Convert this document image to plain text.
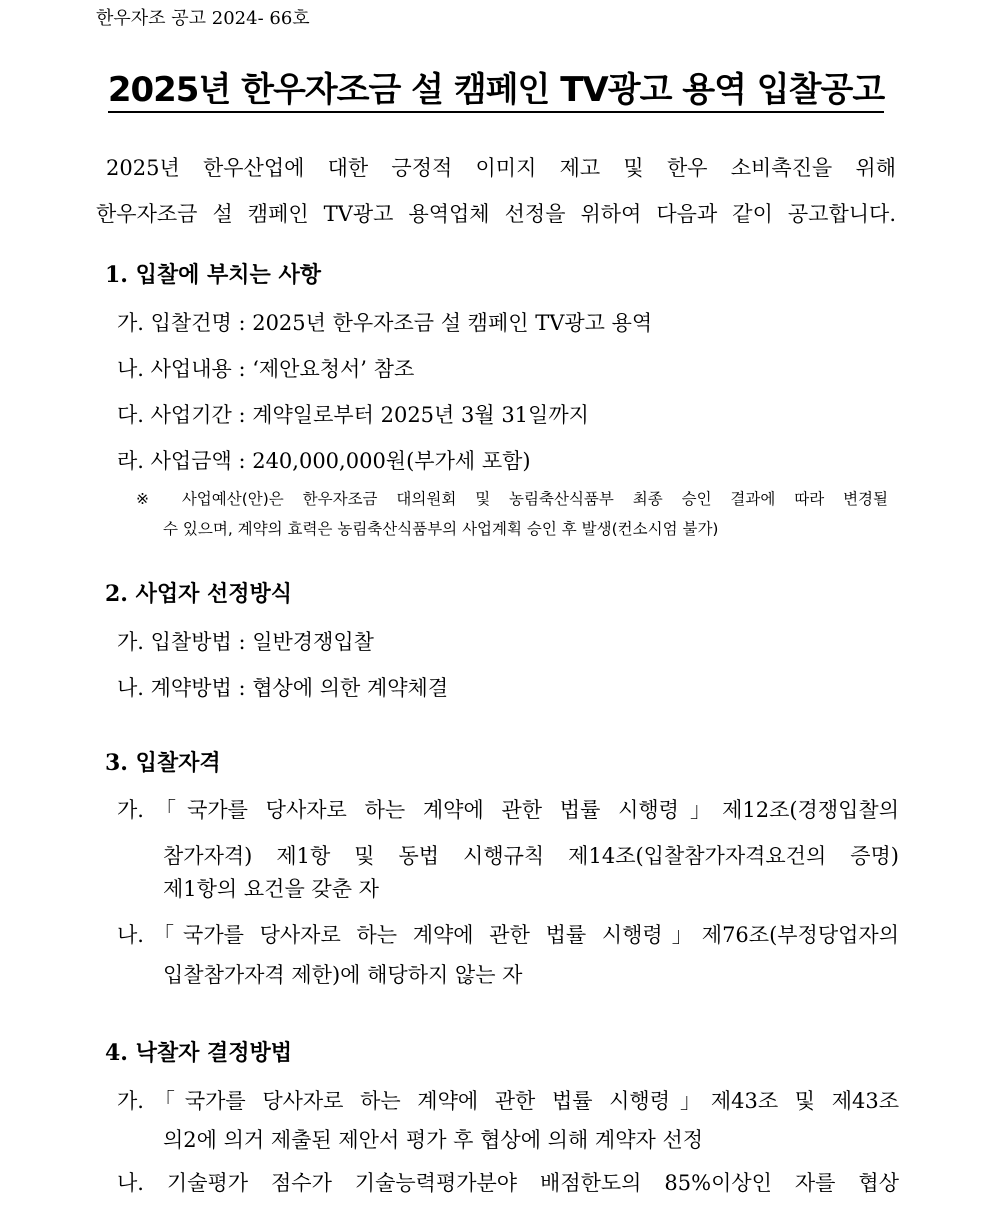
한우자조 공고 2024- 66호
2025년 한우자조금 설 캠페인 TV광고 용역 입찰공고
2025년 한우산업에 대한 긍정적 이미지 제고 및 한우 소비촉진을 위해
한우자조금 설 캠페인 TV광고 용역업체 선정을 위하여 다음과 같이 공고합니다.
1. 입찰에 부치는 사항
가. 입찰건명 : 2025년 한우자조금 설 캠페인 TV광고 용역
나. 사업내용 : ‘제안요청서’ 참조
다. 사업기간 : 계약일로부터 2025년 3월 31일까지
라. 사업금액 : 240,000,000원(부가세 포함)
※ 사업예산(안)은 한우자조금 대의원회 및 농림축산식품부 최종 승인 결과에 따라 변경될
수 있으며, 계약의 효력은 농림축산식품부의 사업계획 승인 후 발생(컨소시엄 불가)
2. 사업자 선정방식
가. 입찰방법 : 일반경쟁입찰
나. 계약방법 : 협상에 의한 계약체결
3. 입찰자격
가.「국가를 당사자로 하는 계약에 관한 법률 시행령」제12조(경쟁입찰의
참가자격) 제1항 및 동법 시행규칙 제14조(입찰참가자격요건의 증명)
제1항의 요건을 갖춘 자
나.「국가를 당사자로 하는 계약에 관한 법률 시행령」제76조(부정당업자의
입찰참가자격 제한)에 해당하지 않는 자
4. 낙찰자 결정방법
가.「국가를 당사자로 하는 계약에 관한 법률 시행령」제43조 및 제43조
의2에 의거 제출된 제안서 평가 후 협상에 의해 계약자 선정
나. 기술평가 점수가 기술능력평가분야 배점한도의 85%이상인 자를 협상
